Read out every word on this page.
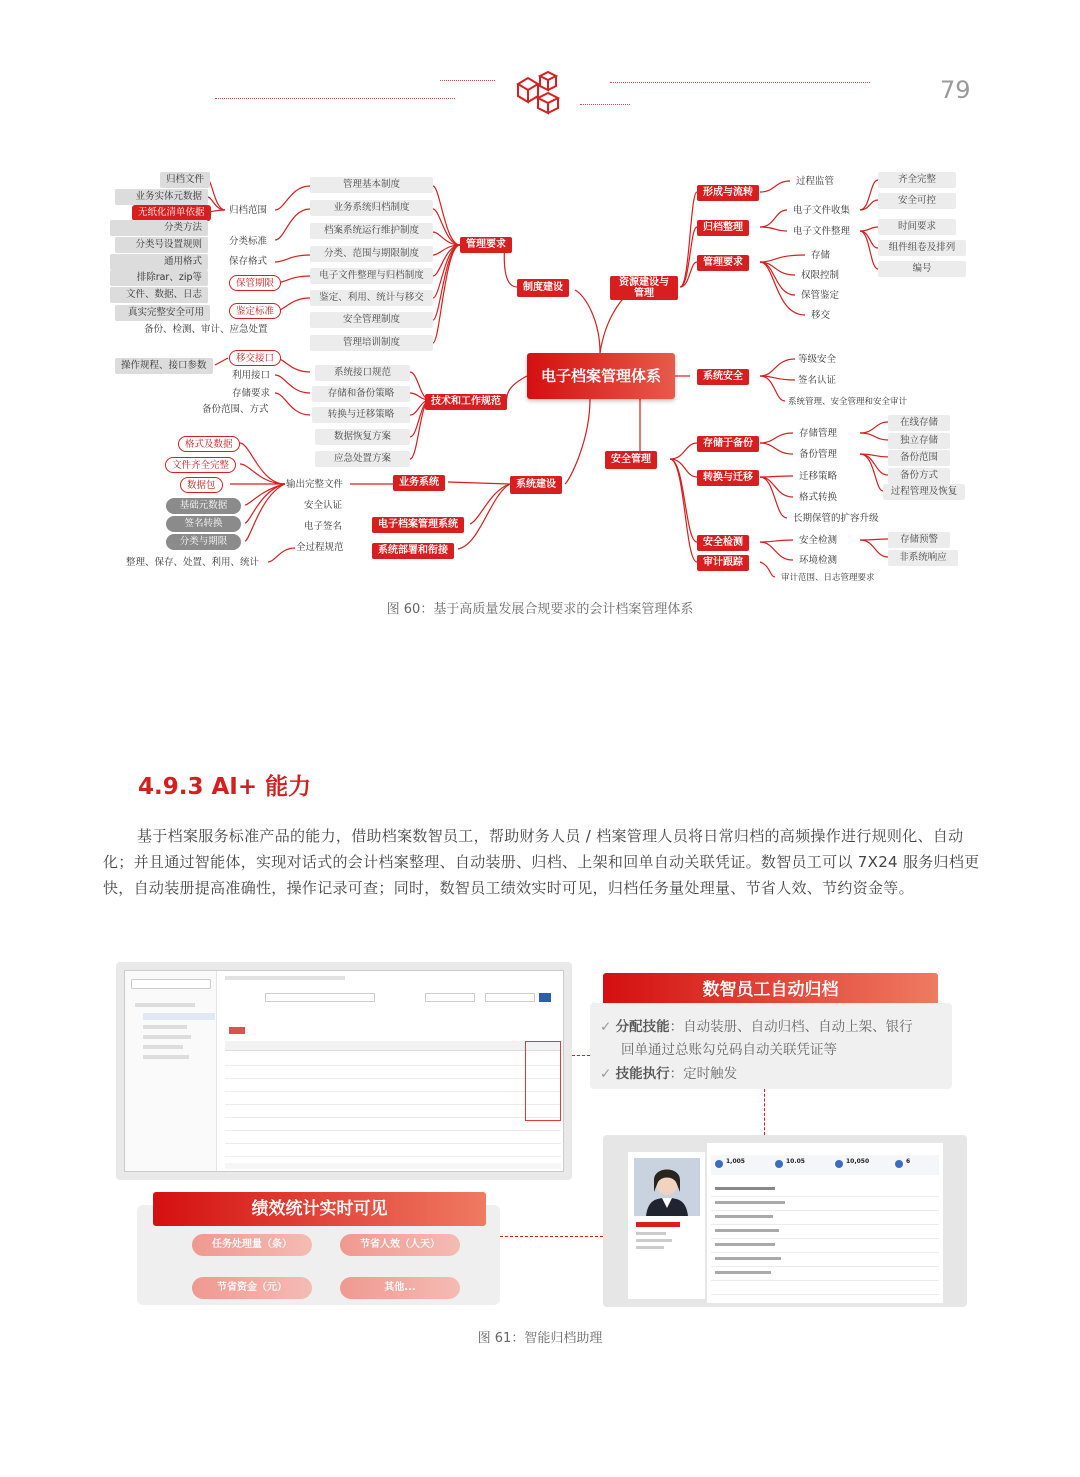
79
归档文件
业务实体元数据
无纸化清单依据
分类方法
分类号设置规则
通用格式
排除rar、zip等
文件、数据、日志
真实完整安全可用
备份、检测、审计、应急处置
操作规程、接口参数
格式及数据
文件齐全完整
数据包
基础元数据
签名转换
分类与期限
整理、保存、处置、利用、统计
归档范围
分类标准
保存格式
保管期限
鉴定标准
移交接口
利用接口
存储要求
备份范围、方式
输出完整文件
安全认证
电子签名
全过程规范
管理基本制度
业务系统归档制度
档案系统运行维护制度
分类、范围与期限制度
电子文件整理与归档制度
鉴定、利用、统计与移交
安全管理制度
管理培训制度
系统接口规范
存储和备份策略
转换与迁移策略
数据恢复方案
应急处置方案
管理要求
制度建设
技术和工作规范
业务系统	系统建设
电子档案管理系统
系统部署和衔接
电子档案管理体系
资源建设与管理
形成与流转
归档整理
管理要求
系统安全
安全管理
存储于备份
转换与迁移
安全检测
审计跟踪
过程监管
电子文件收集
电子文件整理
存储
权限控制
保管鉴定
移交
等级安全
签名认证
系统管理、安全管理和安全审计
存储管理
备份管理
迁移策略
格式转换
长期保管的扩容升级
安全检测
环境检测
审计范围、日志管理要求
齐全完整
安全可控
时间要求
组件组卷及排列
编号
在线存储
独立存储
备份范围
备份方式
过程管理及恢复
存储预警
非系统响应
图 60：基于高质量发展合规要求的会计档案管理体系
4.9.3 AI+ 能力
基于档案服务标准产品的能力，借助档案数智员工，帮助财务人员 / 档案管理人员将日常归档的高频操作进行规则化、自动化；并且通过智能体，实现对话式的会计档案整理、自动装册、归档、上架和回单自动关联凭证。数智员工可以 7X24 服务归档更快，自动装册提高准确性，操作记录可查；同时，数智员工绩效实时可见，归档任务量处理量、节省人效、节约资金等。
数智员工自动归档
✓ 分配技能：自动装册、自动归档、自动上架、银行
回单通过总账勾兑码自动关联凭证等
✓ 技能执行：定时触发
绩效统计实时可见
任务处理量（条）	节省人效（人天）
节省资金（元）	其他...
1,005	10.05	10,050	6
图 61：智能归档助理
